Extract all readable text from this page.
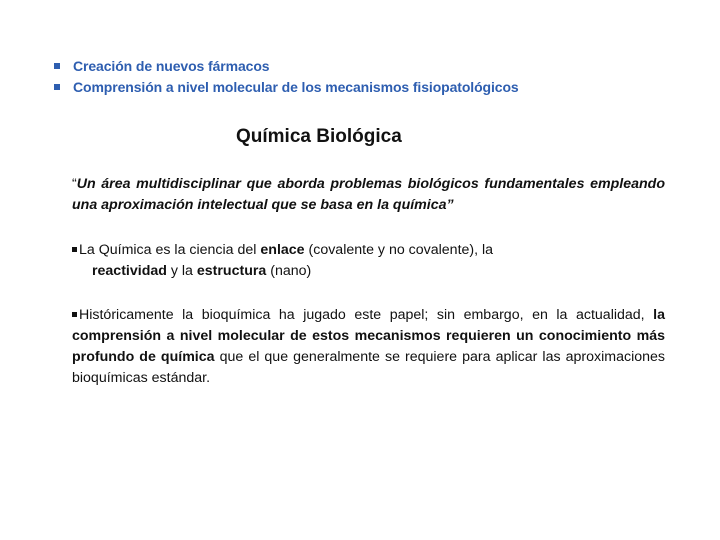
Creación de nuevos fármacos
Comprensión a nivel molecular de los mecanismos fisiopatológicos
Química Biológica
“Un área multidisciplinar que aborda problemas biológicos fundamentales empleando una aproximación intelectual que se basa en la química”
La Química es la ciencia del enlace (covalente y no covalente), la
reactividad y la estructura (nano)
Históricamente la bioquímica ha jugado este papel; sin embargo, en la actualidad, la comprensión a nivel molecular de estos mecanismos requieren un conocimiento más profundo de química que el que generalmente se requiere para aplicar las aproximaciones bioquímicas estándar.
